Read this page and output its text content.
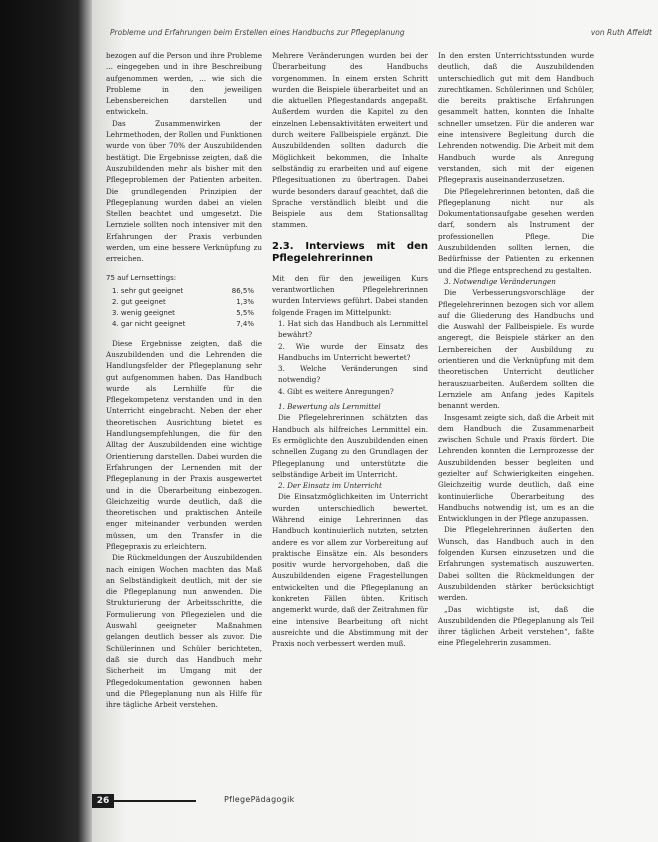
Probleme und Erfahrungen beim Erstellen eines Handbuchs zur Pflegeplanung	von Ruth Affeldt

bezogen auf die Person und ihre Probleme ... eingegeben und in ihre Beschreibung aufgenommen werden, ... wie sich die Probleme in den jeweiligen Lebensbereichen darstellen und entwickeln.

Das Zusammenwirken der Lehrmethoden, der Rollen und Funktionen wurde von über 70% der Auszubildenden bestätigt. Die Ergebnisse zeigten, daß die Auszubildenden mehr als bisher mit den Pflegeproblemen der Patienten arbeiten. Die grundlegenden Prinzipien der Pflegeplanung wurden dabei an vielen Stellen beachtet und umgesetzt. Die Lernziele sollten noch intensiver mit den Erfahrungen der Praxis verbunden werden, um eine bessere Verknüpfung zu erreichen.

75 auf Lernsettings:
1. sehr gut geeignet	86,5%
2. gut geeignet	1,3%
3. wenig geeignet	5,5%
4. gar nicht geeignet	7,4%

Diese Ergebnisse zeigten, daß die Auszubildenden und die Lehrenden die Handlungsfelder der Pflegeplanung sehr gut aufgenommen haben. Das Handbuch wurde als Lernhilfe für die Pflegekompetenz verstanden und in den Unterricht eingebracht. Neben der eher theoretischen Ausrichtung bietet es Handlungsempfehlungen, die für den Alltag der Auszubildenden eine wichtige Orientierung darstellen. Dabei wurden die Erfahrungen der Lernenden mit der Pflegeplanung in der Praxis ausgewertet und in die Überarbeitung einbezogen. Gleichzeitig wurde deutlich, daß die theoretischen und praktischen Anteile enger miteinander verbunden werden müssen, um den Transfer in die Pflegepraxis zu erleichtern.

Die Rückmeldungen der Auszubildenden nach einigen Wochen machten das Maß an Selbständigkeit deutlich, mit der sie die Pflegeplanung nun anwenden. Die Strukturierung der Arbeitsschritte, die Formulierung von Pflegezielen und die Auswahl geeigneter Maßnahmen gelangen deutlich besser als zuvor. Die Schülerinnen und Schüler berichteten, daß sie durch das Handbuch mehr Sicherheit im Umgang mit der Pflegedokumentation gewonnen haben und die Pflegeplanung nun als Hilfe für ihre tägliche Arbeit verstehen.

Mehrere Veränderungen wurden bei der Überarbeitung des Handbuchs vorgenommen. In einem ersten Schritt wurden die Beispiele überarbeitet und an die aktuellen Pflegestandards angepaßt. Außerdem wurden die Kapitel zu den einzelnen Lebensaktivitäten erweitert und durch weitere Fallbeispiele ergänzt. Die Auszubildenden sollten dadurch die Möglichkeit bekommen, die Inhalte selbständig zu erarbeiten und auf eigene Pflegesituationen zu übertragen. Dabei wurde besonders darauf geachtet, daß die Sprache verständlich bleibt und die Beispiele aus dem Stationsalltag stammen.

2.3. Interviews mit den Pflegelehrerinnen

Mit den für den jeweiligen Kurs verantwortlichen Pflegelehrerinnen wurden Interviews geführt. Dabei standen folgende Fragen im Mittelpunkt:

1. Hat sich das Handbuch als Lernmittel bewährt?
2. Wie wurde der Einsatz des Handbuchs im Unterricht bewertet?
3. Welche Veränderungen sind notwendig?
4. Gibt es weitere Anregungen?

1. Bewertung als Lernmittel

Die Pflegelehrerinnen schätzten das Handbuch als hilfreiches Lernmittel ein. Es ermöglichte den Auszubildenden einen schnellen Zugang zu den Grundlagen der Pflegeplanung und unterstützte die selbständige Arbeit im Unterricht.

2. Der Einsatz im Unterricht

Die Einsatzmöglichkeiten im Unterricht wurden unterschiedlich bewertet. Während einige Lehrerinnen das Handbuch kontinuierlich nutzten, setzten andere es vor allem zur Vorbereitung auf praktische Einsätze ein. Als besonders positiv wurde hervorgehoben, daß die Auszubildenden eigene Fragestellungen entwickelten und die Pflegeplanung an konkreten Fällen übten. Kritisch angemerkt wurde, daß der Zeitrahmen für eine intensive Bearbeitung oft nicht ausreichte und die Abstimmung mit der Praxis noch verbessert werden muß.

In den ersten Unterrichtsstunden wurde deutlich, daß die Auszubildenden unterschiedlich gut mit dem Handbuch zurechtkamen. Schülerinnen und Schüler, die bereits praktische Erfahrungen gesammelt hatten, konnten die Inhalte schneller umsetzen. Für die anderen war eine intensivere Begleitung durch die Lehrenden notwendig. Die Arbeit mit dem Handbuch wurde als Anregung verstanden, sich mit der eigenen Pflegepraxis auseinanderzusetzen.

Die Pflegelehrerinnen betonten, daß die Pflegeplanung nicht nur als Dokumentationsaufgabe gesehen werden darf, sondern als Instrument der professionellen Pflege. Die Auszubildenden sollten lernen, die Bedürfnisse der Patienten zu erkennen und die Pflege entsprechend zu gestalten.

3. Notwendige Veränderungen

Die Verbesserungsvorschläge der Pflegelehrerinnen bezogen sich vor allem auf die Gliederung des Handbuchs und die Auswahl der Fallbeispiele. Es wurde angeregt, die Beispiele stärker an den Lernbereichen der Ausbildung zu orientieren und die Verknüpfung mit dem theoretischen Unterricht deutlicher herauszuarbeiten. Außerdem sollten die Lernziele am Anfang jedes Kapitels benannt werden.

Insgesamt zeigte sich, daß die Arbeit mit dem Handbuch die Zusammenarbeit zwischen Schule und Praxis fördert. Die Lehrenden konnten die Lernprozesse der Auszubildenden besser begleiten und gezielter auf Schwierigkeiten eingehen. Gleichzeitig wurde deutlich, daß eine kontinuierliche Überarbeitung des Handbuchs notwendig ist, um es an die Entwicklungen in der Pflege anzupassen.

Die Pflegelehrerinnen äußerten den Wunsch, das Handbuch auch in den folgenden Kursen einzusetzen und die Erfahrungen systematisch auszuwerten. Dabei sollten die Rückmeldungen der Auszubildenden stärker berücksichtigt werden.

„Das wichtigste ist, daß die Auszubildenden die Pflegeplanung als Teil ihrer täglichen Arbeit verstehen“, faßte eine Pflegelehrerin zusammen.

26	PflegePädagogik
